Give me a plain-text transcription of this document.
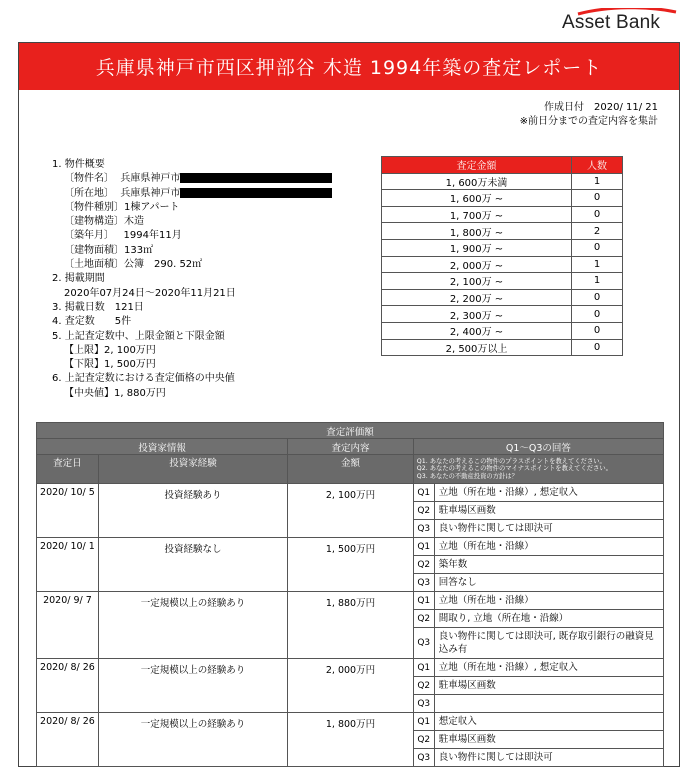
Asset Bank
兵庫県神戸市西区押部谷 木造 1994年築の査定レポート
作成日付　2020/ 11/ 21
※前日分までの査定内容を集計
1. 物件概要
〔物件名〕 兵庫県神戸市
〔所在地〕 兵庫県神戸市
〔物件種別〕1棟アパート
〔建物構造〕木造
〔築年月〕 1994年11月
〔建物面積〕133㎡
〔土地面積〕公簿　290. 52㎡
2. 掲載期間
2020年07月24日～2020年11月21日
3. 掲載日数　121日
4. 査定数　　5件
5. 上記査定数中、上限金額と下限金額
【上限】2, 100万円
【下限】1, 500万円
6. 上記査定数における査定価格の中央値
【中央値】1, 880万円
査定金額	人数
1, 600万未満	1
1, 600万 ~	0
1, 700万 ~	0
1, 800万 ~	2
1, 900万 ~	0
2, 000万 ~	1
2, 100万 ~	1
2, 200万 ~	0
2, 300万 ~	0
2, 400万 ~	0
2, 500万以上	0
査定評価額				
投資家情報		査定内容	Q1～Q3の回答	
査定日	投資家経験	金額	Q1. あなたの考えるこの物件のプラスポイントを教えてください。
Q2. あなたの考えるこの物件のマイナスポイントを教えてください。
Q3. あなたの不動産投資の方針は？	
2020/ 10/ 5	投資経験あり	2, 100万円	Q1	立地（所在地・沿線）, 想定収入
			Q2	駐車場区画数
			Q3	良い物件に関しては即決可
2020/ 10/ 1	投資経験なし	1, 500万円	Q1	立地（所在地・沿線）
			Q2	築年数
			Q3	回答なし
2020/ 9/ 7	一定規模以上の経験あり	1, 880万円	Q1	立地（所在地・沿線）
			Q2	間取り, 立地（所在地・沿線）
			Q3	良い物件に関しては即決可, 既存取引銀行の融資見込み有
2020/ 8/ 26	一定規模以上の経験あり	2, 000万円	Q1	立地（所在地・沿線）, 想定収入
			Q2	駐車場区画数
			Q3	
2020/ 8/ 26	一定規模以上の経験あり	1, 800万円	Q1	想定収入
			Q2	駐車場区画数
			Q3	良い物件に関しては即決可
